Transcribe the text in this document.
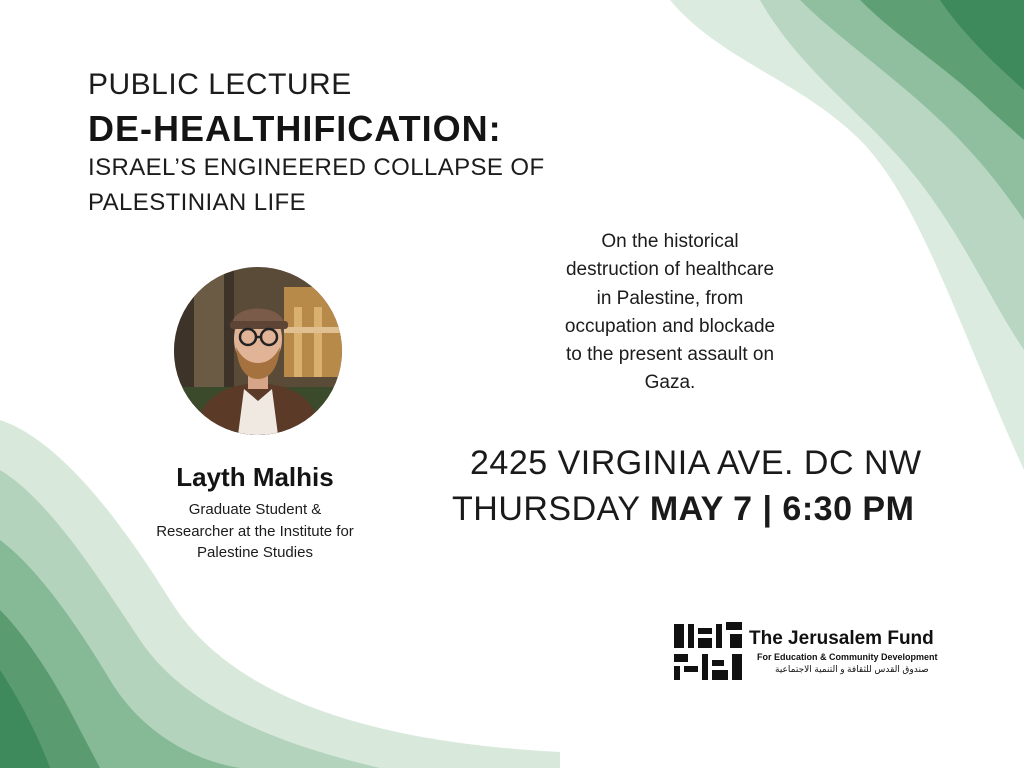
PUBLIC LECTURE

DE-HEALTHIFICATION:

ISRAEL’S ENGINEERED COLLAPSE OF

PALESTINIAN LIFE

On the historical
destruction of healthcare
in Palestine, from
occupation and blockade
to the present assault on
Gaza.

Layth Malhis

Graduate Student &
Researcher at the Institute for
Palestine Studies

2425 VIRGINIA AVE. DC NW

THURSDAY MAY 7 | 6:30 PM

The Jerusalem Fund

For Education & Community Development

صندوق القدس للثقافة و التنمية الاجتماعية
